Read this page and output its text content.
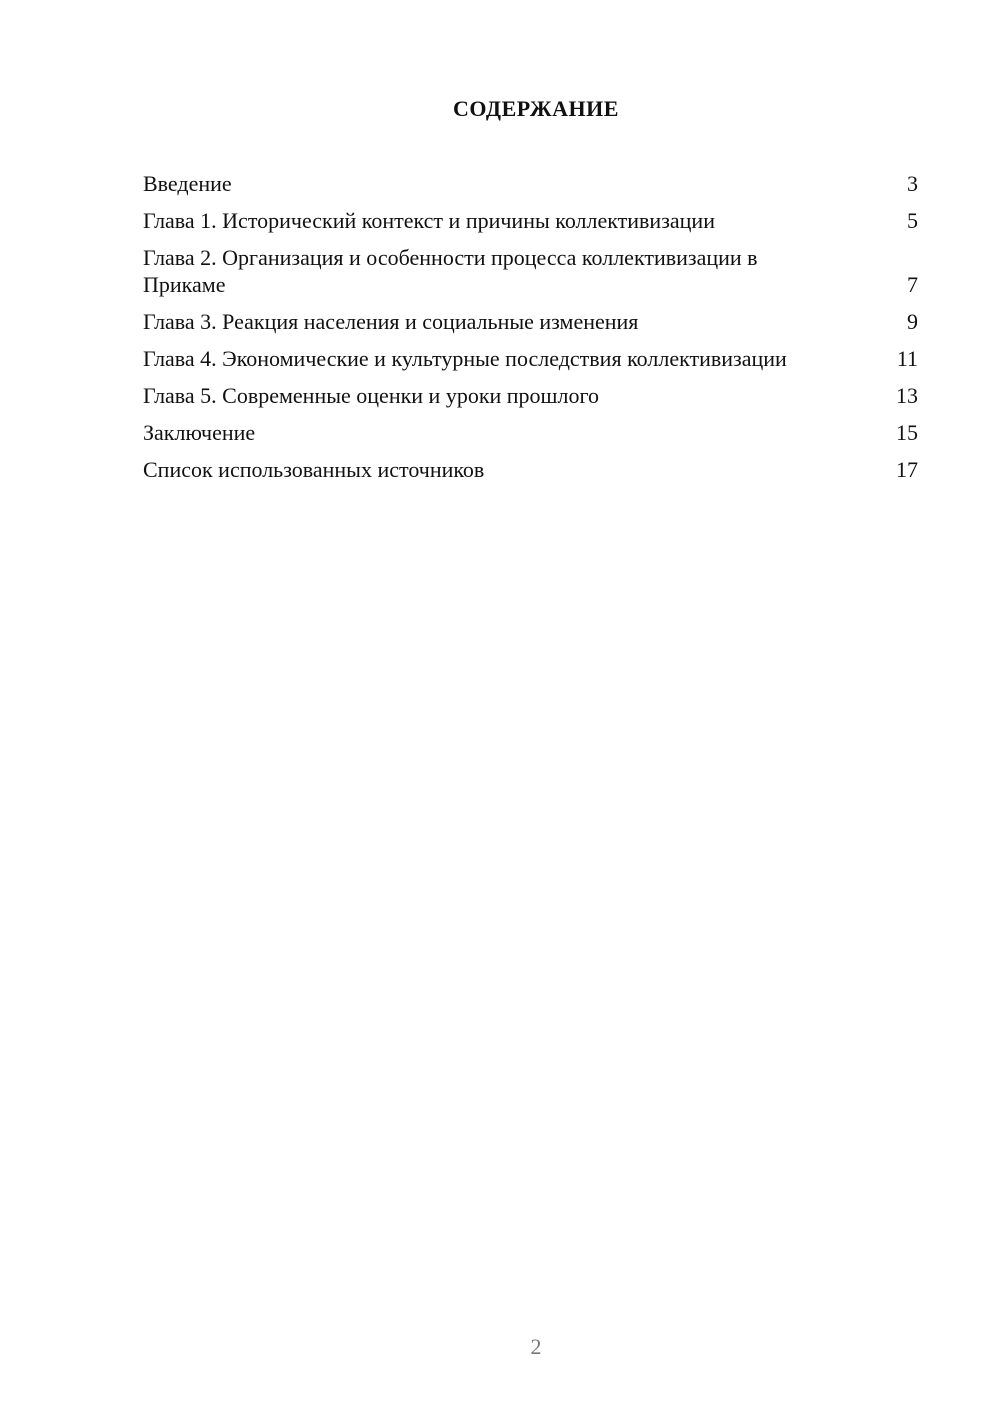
СОДЕРЖАНИЕ
Введение	3
Глава 1. Исторический контекст и причины коллективизации	5
Глава 2. Организация и особенности процесса коллективизации в Прикаме	7
Глава 3. Реакция населения и социальные изменения	9
Глава 4. Экономические и культурные последствия коллективизации	11
Глава 5. Современные оценки и уроки прошлого	13
Заключение	15
Список использованных источников	17
2
